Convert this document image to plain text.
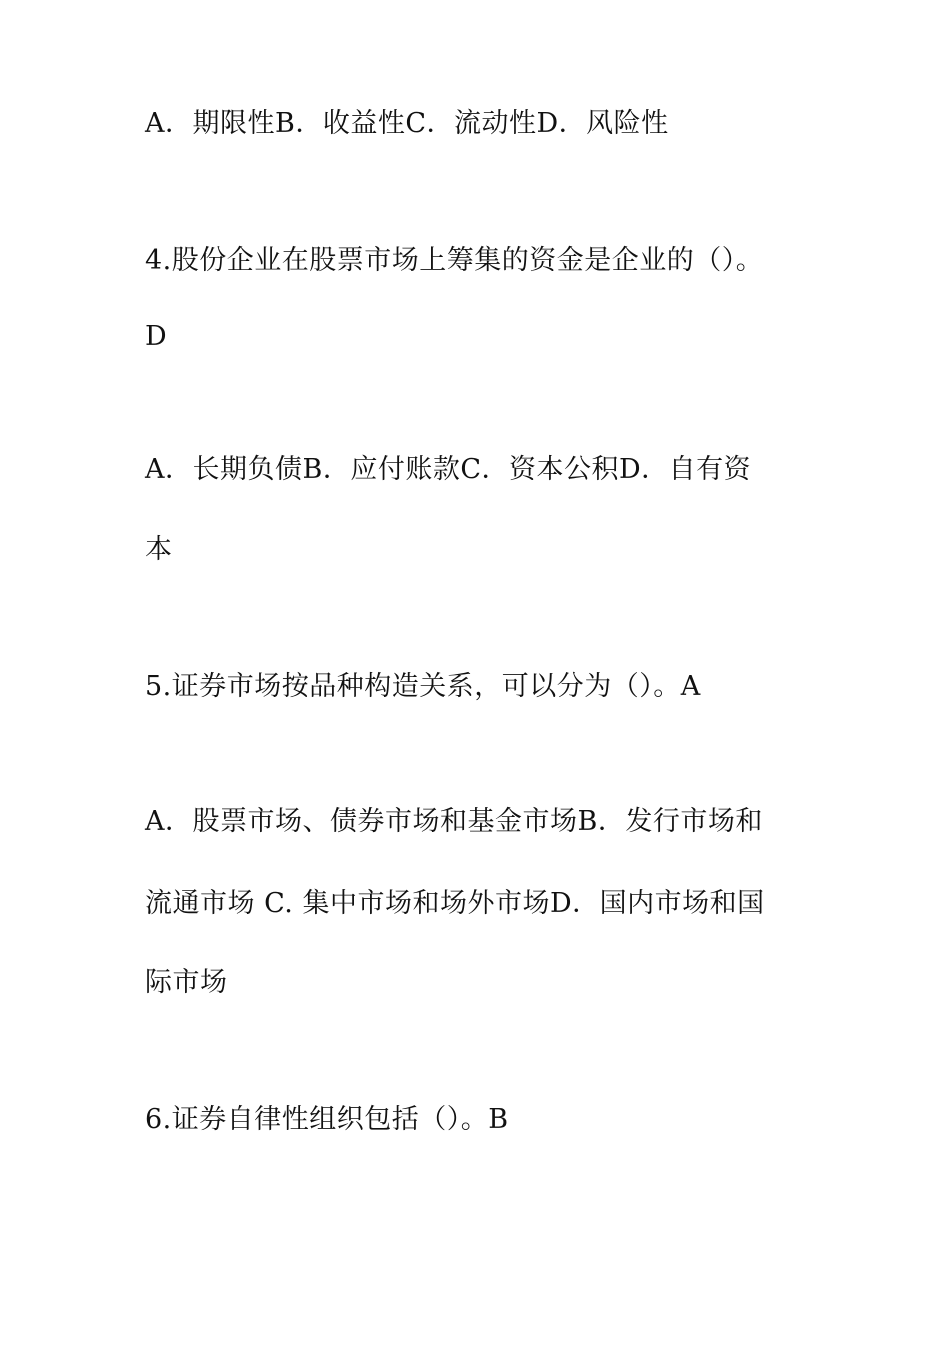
A．期限性B．收益性C．流动性D．风险性
4.股份企业在股票市场上筹集的资金是企业的（）。
D
A．长期负债B．应付账款C．资本公积D．自有资
本
5.证券市场按品种构造关系，可以分为（）。A
A．股票市场、债券市场和基金市场B．发行市场和
流通市场 C. 集中市场和场外市场D．国内市场和国
际市场
6.证券自律性组织包括（）。B
